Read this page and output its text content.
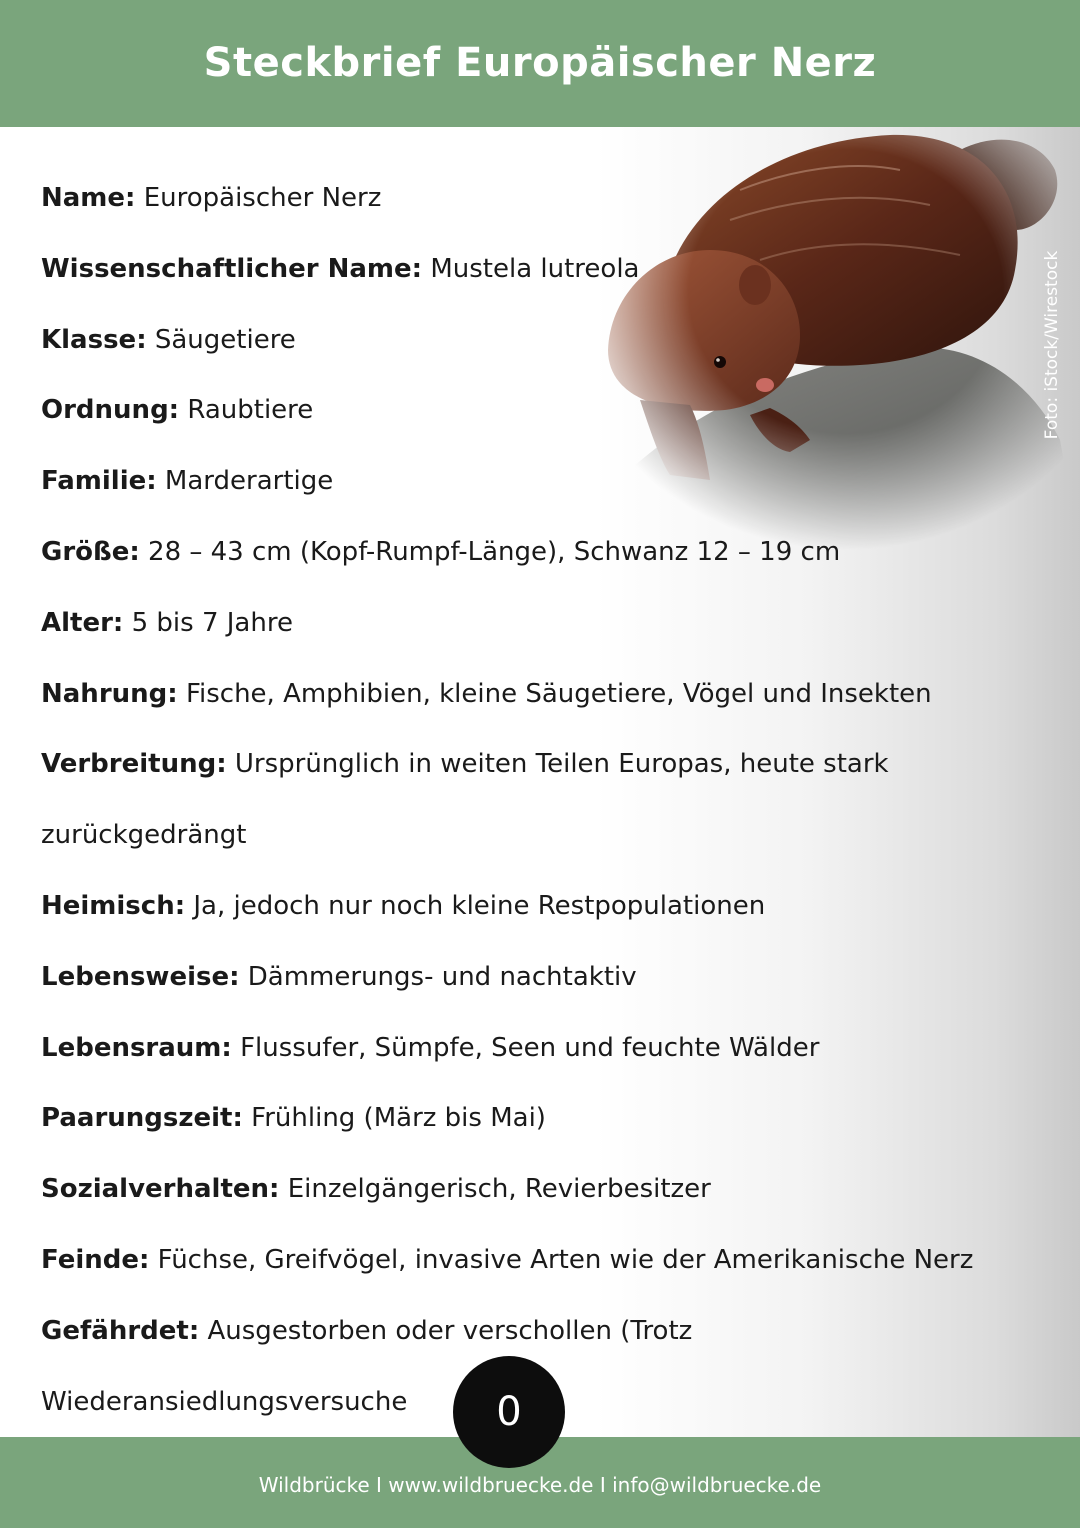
Steckbrief Europäischer Nerz
Foto: iStock/Wirestock
Name: Europäischer Nerz
Wissenschaftlicher Name: Mustela lutreola
Klasse: Säugetiere
Ordnung: Raubtiere
Familie: Marderartige
Größe: 28 – 43 cm (Kopf-Rumpf-Länge), Schwanz 12 – 19 cm
Alter: 5 bis 7 Jahre
Nahrung: Fische, Amphibien, kleine Säugetiere, Vögel und Insekten
Verbreitung: Ursprünglich in weiten Teilen Europas, heute stark
zurückgedrängt
Heimisch: Ja, jedoch nur noch kleine Restpopulationen
Lebensweise: Dämmerungs- und nachtaktiv
Lebensraum: Flussufer, Sümpfe, Seen und feuchte Wälder
Paarungszeit: Frühling (März bis Mai)
Sozialverhalten: Einzelgängerisch, Revierbesitzer
Feinde: Füchse, Greifvögel, invasive Arten wie der Amerikanische Nerz
Gefährdet: Ausgestorben oder verschollen (Trotz
Wiederansiedlungsversuche	0
Wildbrücke I www.wildbruecke.de I info@wildbruecke.de
